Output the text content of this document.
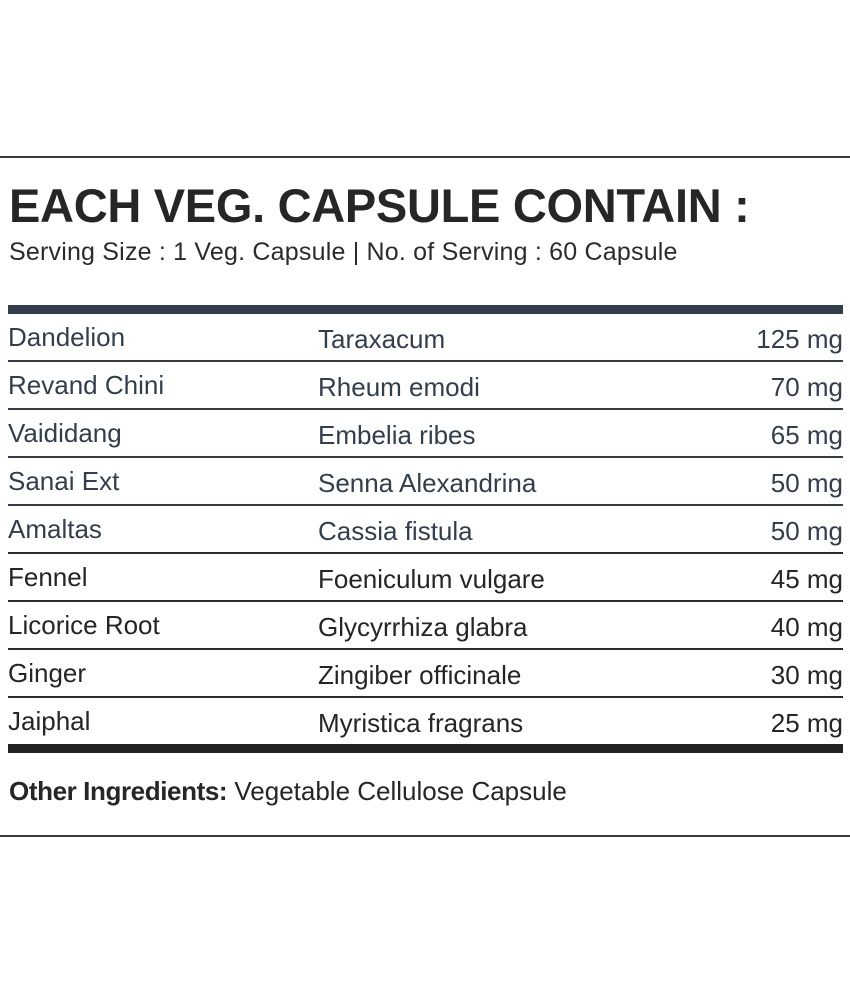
EACH VEG. CAPSULE CONTAIN :
Serving Size : 1 Veg. Capsule | No. of Serving : 60 Capsule
Dandelion	Taraxacum	125 mg
Revand Chini	Rheum emodi	70 mg
Vaididang	Embelia ribes	65 mg
Sanai Ext	Senna Alexandrina	50 mg
Amaltas	Cassia fistula	50 mg
Fennel	Foeniculum vulgare	45 mg
Licorice Root	Glycyrrhiza glabra	40 mg
Ginger	Zingiber officinale	30 mg
Jaiphal	Myristica fragrans	25 mg
Other Ingredients: Vegetable Cellulose Capsule
